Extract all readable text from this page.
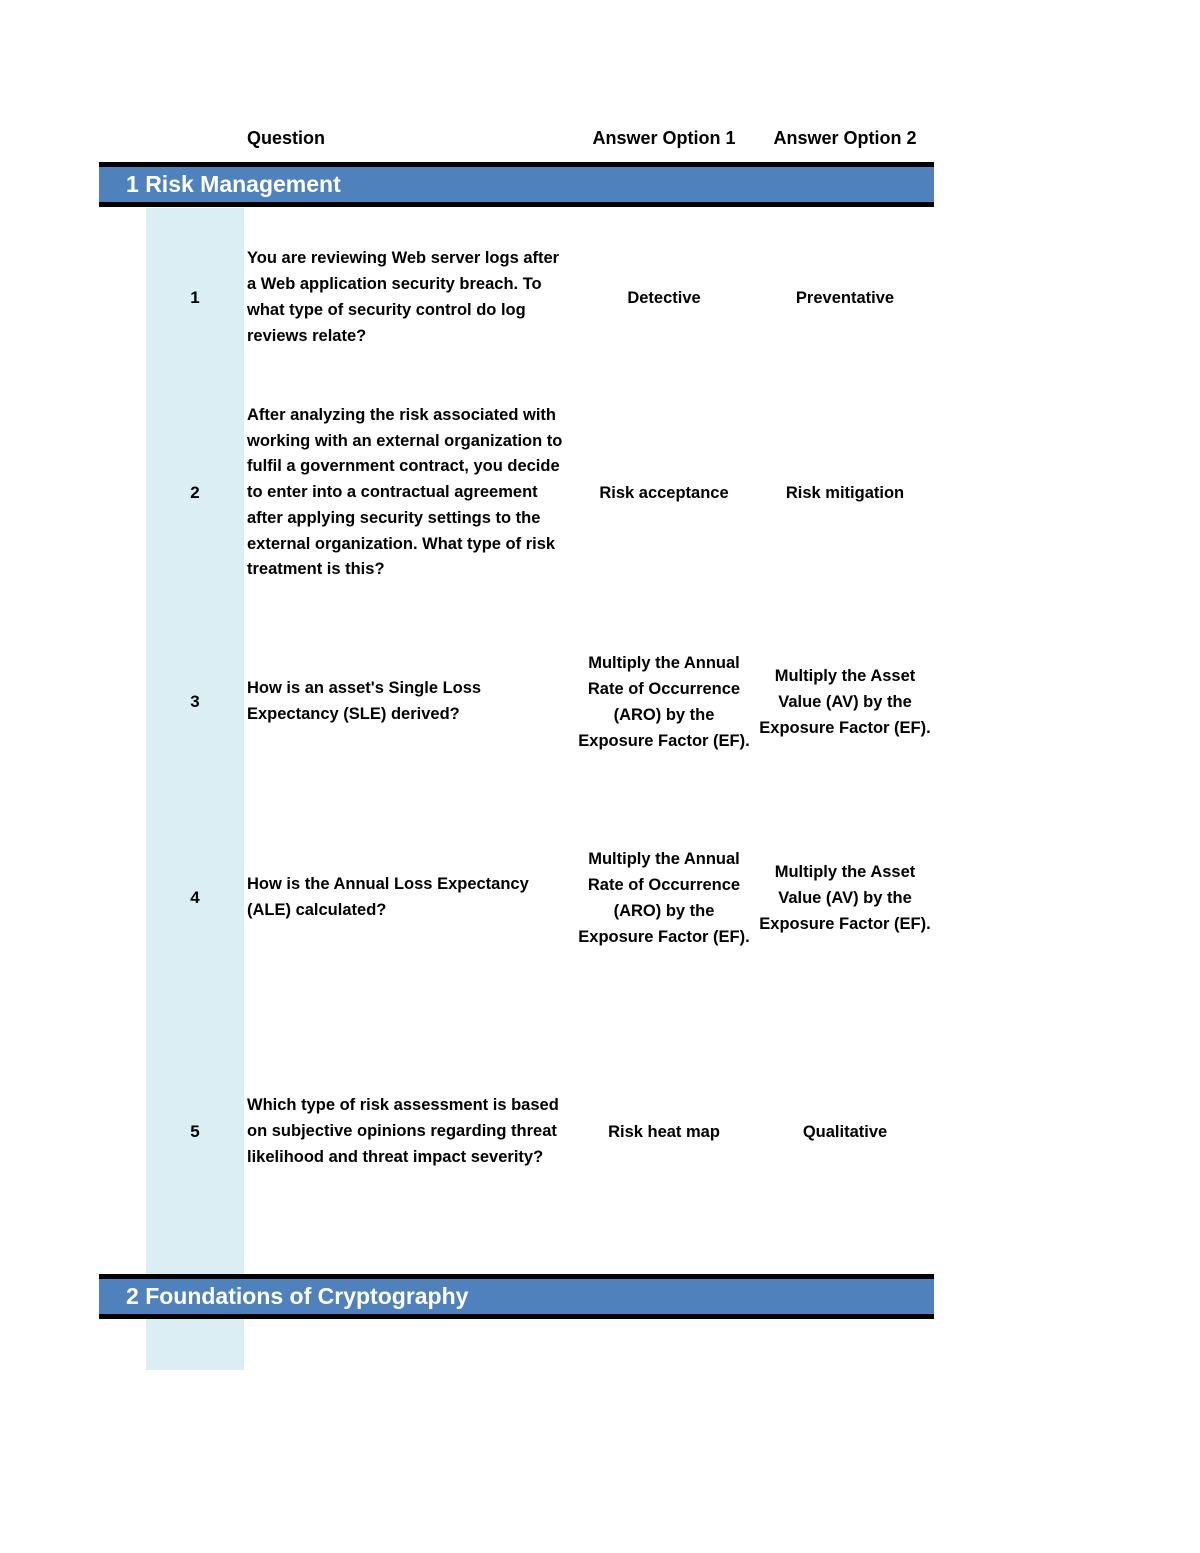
Question	Answer Option 1	Answer Option 2
1 Risk Management
1
You are reviewing Web server logs after a Web application security breach. To what type of security control do log reviews relate?
Detective	Preventative
2
After analyzing the risk associated with working with an external organization to fulfil a government contract, you decide to enter into a contractual agreement after applying security settings to the external organization. What type of risk treatment is this?
Risk acceptance	Risk mitigation
3
How is an asset's Single Loss Expectancy (SLE) derived?
Multiply the Annual Rate of Occurrence (ARO) by the Exposure Factor (EF).
Multiply the Asset Value (AV) by the Exposure Factor (EF).
4
How is the Annual Loss Expectancy (ALE) calculated?
Multiply the Annual Rate of Occurrence (ARO) by the Exposure Factor (EF).
Multiply the Asset Value (AV) by the Exposure Factor (EF).
5
Which type of risk assessment is based on subjective opinions regarding threat likelihood and threat impact severity?
Risk heat map	Qualitative
2 Foundations of Cryptography
